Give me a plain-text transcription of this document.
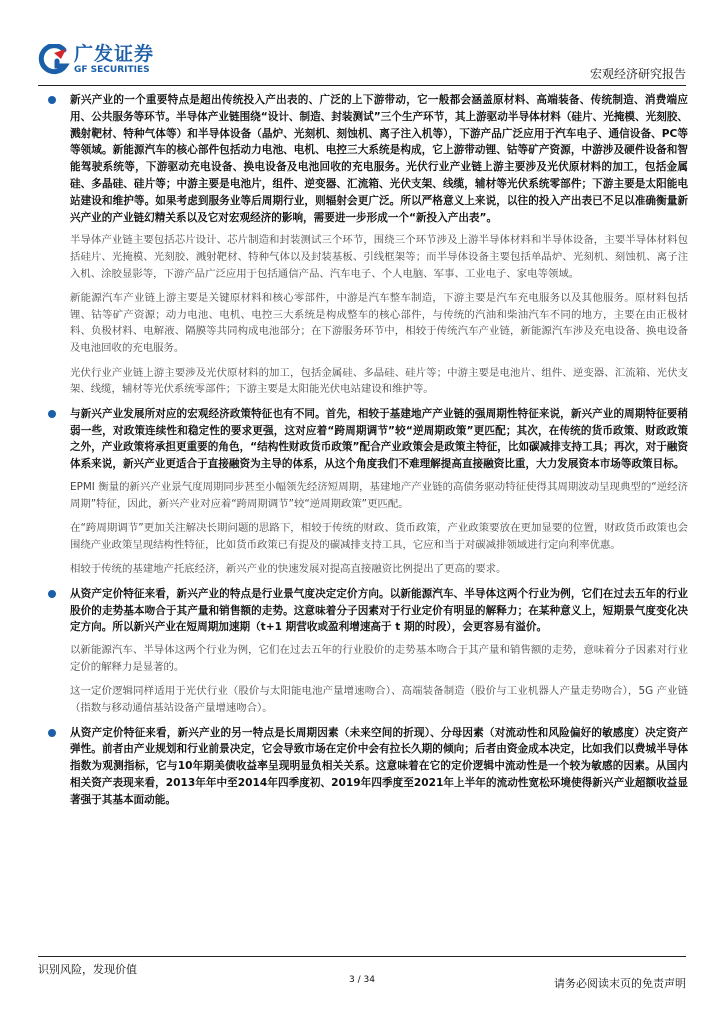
广发证券
GF SECURITIES	宏观经济研究报告
新兴产业的一个重要特点是超出传统投入产出表的、广泛的上下游带动，它一般都会涵盖原材料、高端装备、传统制造、消费端应用、公共服务等环节。半导体产业链围绕“设计、制造、封装测试”三个生产环节，其上游驱动半导体材料（硅片、光掩模、光刻胶、溅射靶材、特种气体等）和半导体设备（晶炉、光刻机、刻蚀机、离子注入机等），下游产品广泛应用于汽车电子、通信设备、PC等等领域。新能源汽车的核心部件包括动力电池、电机、电控三大系统是构成，它上游带动锂、钴等矿产资源，中游涉及硬件设备和智能驾驶系统等，下游驱动充电设备、换电设备及电池回收的充电服务。光伏行业产业链上游主要涉及光伏原材料的加工，包括金属硅、多晶硅、硅片等；中游主要是电池片，组件、逆变器、汇流箱、光伏支架、线缆，辅材等光伏系统零部件；下游主要是太阳能电站建设和维护等。如果考虑到服务业等后周期行业，则辐射会更广泛。所以严格意义上来说，以往的投入产出表已不足以准确衡量新兴产业的产业链幻精关系以及它对宏观经济的影响，需要进一步形成一个“新投入产出表”。
半导体产业链主要包括芯片设计、芯片制造和封装测试三个环节，围绕三个环节涉及上游半导体材料和半导体设备，主要半导体材料包括硅片、光掩模、光刻胶、溅射靶材、特种气体以及封装基板、引线框架等；而半导体设备主要包括单晶炉、光刻机、刻蚀机、离子注入机、涂胶显影等，下游产品广泛应用于包括通信产品、汽车电子、个人电脑、军事、工业电子、家电等领域。
新能源汽车产业链上游主要是关键原材料和核心零部件，中游是汽车整车制造，下游主要是汽车充电服务以及其他服务。原材料包括锂、钴等矿产资源；动力电池、电机、电控三大系统是构成整车的核心部件，与传统的汽油和柴油汽车不同的地方，主要在由正极材料、负极材料、电解液、隔膜等共同构成电池部分；在下游服务环节中，相较于传统汽车产业链，新能源汽车涉及充电设备、换电设备及电池回收的充电服务。
光伏行业产业链上游主要涉及光伏原材料的加工，包括金属硅、多晶硅、硅片等；中游主要是电池片、组件、逆变器、汇流箱、光伏支架、线缆，辅材等光伏系统零部件；下游主要是太阳能光伏电站建设和维护等。
与新兴产业发展所对应的宏观经济政策特征也有不同。首先，相较于基建地产产业链的强周期性特征来说，新兴产业的周期特征要稍弱一些，对政策连续性和稳定性的要求更强，这对应着“跨周期调节”较“逆周期政策”更匹配；其次，在传统的货币政策、财政政策之外，产业政策将承担更重要的角色，“结构性财政货币政策”配合产业政策会是政策主特征，比如碳减排支持工具；再次，对于融资体系来说，新兴产业更适合于直接融资为主导的体系，从这个角度我们不难理解提高直接融资比重，大力发展资本市场等政策目标。
EPMI 衡量的新兴产业景气度周期同步甚至小幅领先经济短周期，基建地产产业链的高债务驱动特征使得其周期波动呈现典型的“逆经济周期”特征，因此，新兴产业对应着“跨周期调节”较“逆周期政策”更匹配。
在“跨周期调节”更加关注解决长期问题的思路下，相较于传统的财政、货币政策，产业政策要放在更加显要的位置，财政货币政策也会围绕产业政策呈现结构性特征，比如货币政策已有提及的碳减排支持工具，它应和当于对碳减排领域进行定向利率优惠。
相较于传统的基建地产托底经济，新兴产业的快速发展对提高直接融资比例提出了更高的要求。
从资产定价特征来看，新兴产业的特点是行业景气度决定定价方向。以新能源汽车、半导体这两个行业为例，它们在过去五年的行业股价的走势基本吻合于其产量和销售额的走势。这意味着分子因素对于行业定价有明显的解释力；在某种意义上，短期景气度变化决定方向。所以新兴产业在短周期加速期（t+1 期营收或盈利增速高于 t 期的时段），会更容易有溢价。
以新能源汽车、半导体这两个行业为例，它们在过去五年的行业股价的走势基本吻合于其产量和销售额的走势，意味着分子因素对行业定价的解释力是显著的。
这一定价逻辑同样适用于光伏行业（股价与太阳能电池产量增速吻合）、高端装备制造（股价与工业机器人产量走势吻合），5G 产业链（指数与移动通信基站设备产量增速吻合）。
从资产定价特征来看，新兴产业的另一特点是长周期因素（未来空间的折现）、分母因素（对流动性和风险偏好的敏感度）决定资产弹性。前者由产业规划和行业前景决定，它会导致市场在定价中会有拉长久期的倾向；后者由资金成本决定，比如我们以费城半导体指数为观测指标，它与10年期美债收益率呈现明显负相关关系。这意味着在它的定价逻辑中流动性是一个较为敏感的因素。从国内相关资产表现来看，2013年年中至2014年四季度初、2019年四季度至2021年上半年的流动性宽松环境使得新兴产业超额收益显著强于其基本面动能。
识别风险，发现价值
3 / 34	请务必阅读末页的免责声明
